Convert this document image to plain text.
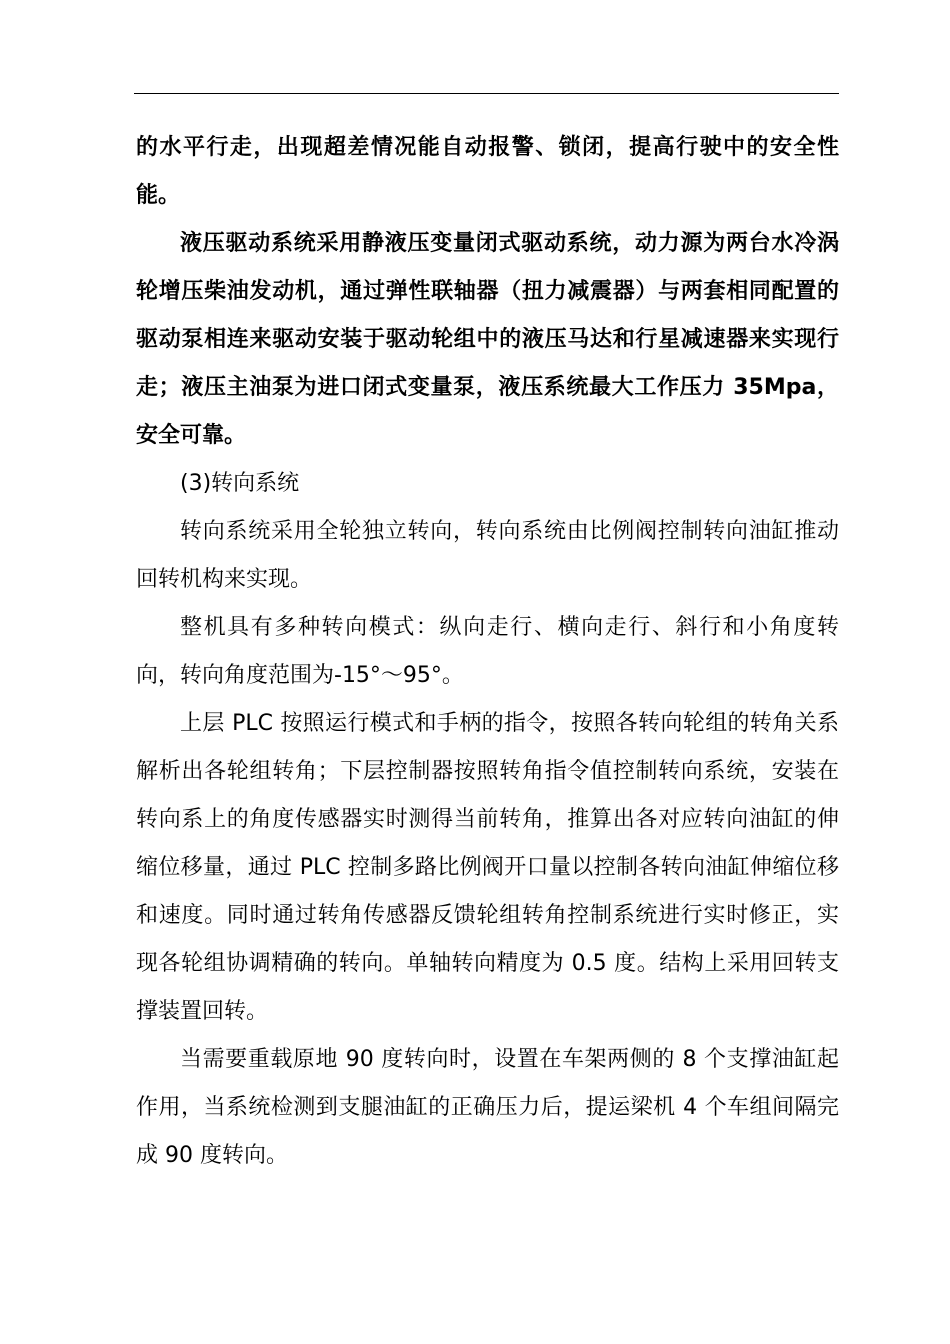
的水平行走，出现超差情况能自动报警、锁闭，提高行驶中的安全性能。

液压驱动系统采用静液压变量闭式驱动系统，动力源为两台水冷涡轮增压柴油发动机，通过弹性联轴器（扭力减震器）与两套相同配置的驱动泵相连来驱动安装于驱动轮组中的液压马达和行星减速器来实现行走；液压主油泵为进口闭式变量泵，液压系统最大工作压力 35Mpa，安全可靠。

(3)转向系统

转向系统采用全轮独立转向，转向系统由比例阀控制转向油缸推动回转机构来实现。

整机具有多种转向模式：纵向走行、横向走行、斜行和小角度转向，转向角度范围为-15°～95°。

上层 PLC 按照运行模式和手柄的指令，按照各转向轮组的转角关系解析出各轮组转角；下层控制器按照转角指令值控制转向系统，安装在转向系上的角度传感器实时测得当前转角，推算出各对应转向油缸的伸缩位移量，通过 PLC 控制多路比例阀开口量以控制各转向油缸伸缩位移和速度。同时通过转角传感器反馈轮组转角控制系统进行实时修正，实现各轮组协调精确的转向。单轴转向精度为 0.5 度。结构上采用回转支撑装置回转。

当需要重载原地 90 度转向时，设置在车架两侧的 8 个支撑油缸起作用，当系统检测到支腿油缸的正确压力后，提运梁机 4 个车组间隔完成 90 度转向。
